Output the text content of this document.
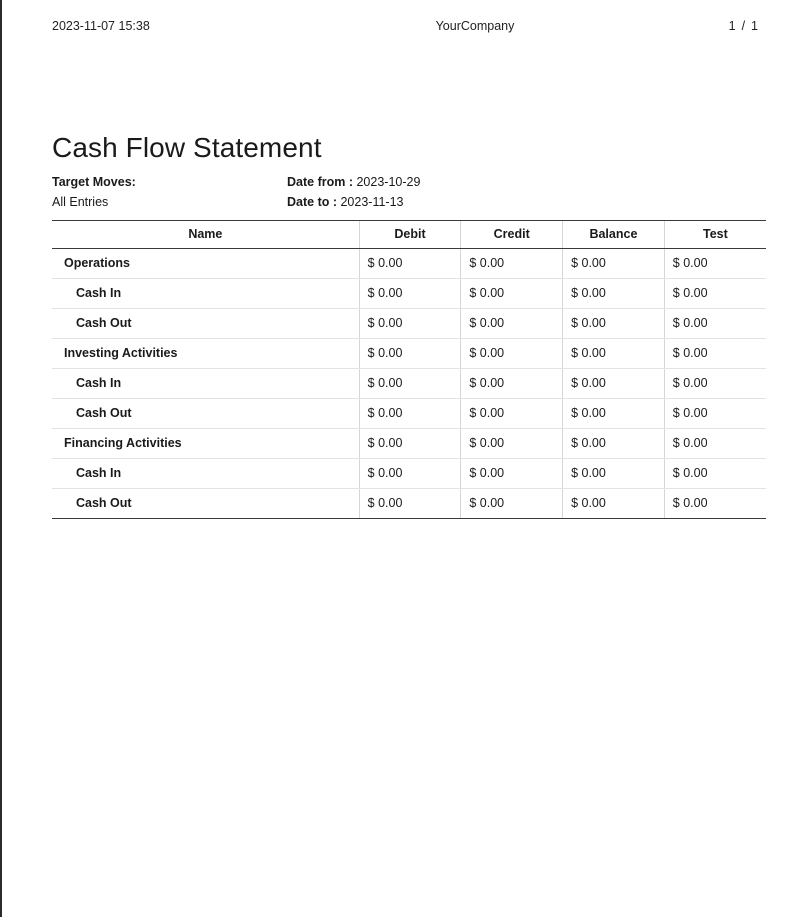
2023-11-07 15:38	YourCompany	1 / 1
Cash Flow Statement
Target Moves:	Date from : 2023-10-29
All Entries	Date to : 2023-11-13
Name	Debit	Credit	Balance	Test
Operations	$ 0.00	$ 0.00	$ 0.00	$ 0.00
Cash In	$ 0.00	$ 0.00	$ 0.00	$ 0.00
Cash Out	$ 0.00	$ 0.00	$ 0.00	$ 0.00
Investing Activities	$ 0.00	$ 0.00	$ 0.00	$ 0.00
Cash In	$ 0.00	$ 0.00	$ 0.00	$ 0.00
Cash Out	$ 0.00	$ 0.00	$ 0.00	$ 0.00
Financing Activities	$ 0.00	$ 0.00	$ 0.00	$ 0.00
Cash In	$ 0.00	$ 0.00	$ 0.00	$ 0.00
Cash Out	$ 0.00	$ 0.00	$ 0.00	$ 0.00
